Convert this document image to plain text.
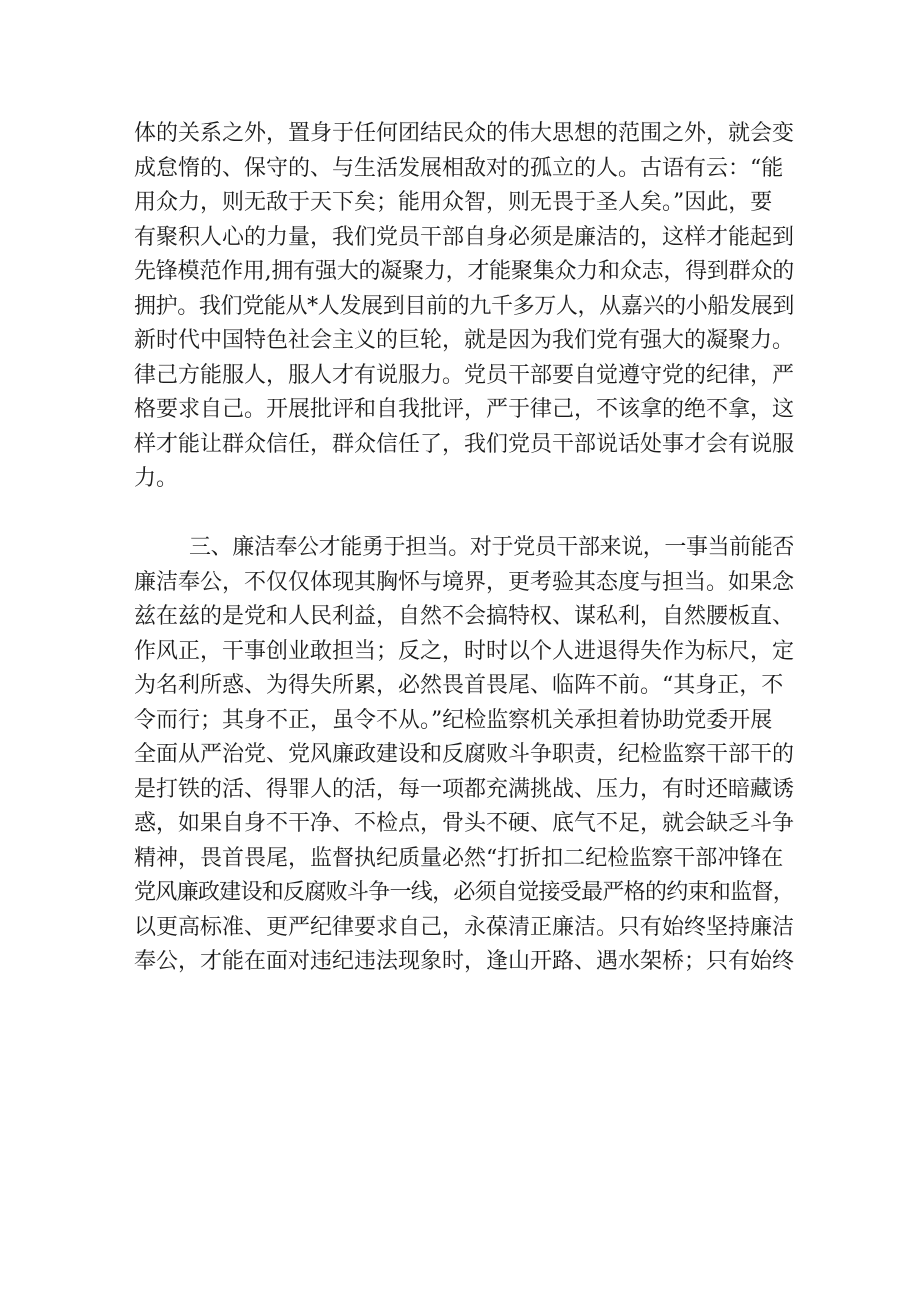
体的关系之外，置身于任何团结民众的伟大思想的范围之外，就会变
成怠惰的、保守的、与生活发展相敌对的孤立的人。古语有云：“能
用众力，则无敌于天下矣；能用众智，则无畏于圣人矣。”因此，要
有聚积人心的力量，我们党员干部自身必须是廉洁的，这样才能起到
先锋模范作用,拥有强大的凝聚力，才能聚集众力和众志，得到群众的
拥护。我们党能从*人发展到目前的九千多万人，从嘉兴的小船发展到
新时代中国特色社会主义的巨轮，就是因为我们党有强大的凝聚力。
律己方能服人，服人才有说服力。党员干部要自觉遵守党的纪律，严
格要求自己。开展批评和自我批评，严于律己，不该拿的绝不拿，这
样才能让群众信任，群众信任了，我们党员干部说话处事才会有说服
力。
三、廉洁奉公才能勇于担当。对于党员干部来说，一事当前能否
廉洁奉公，不仅仅体现其胸怀与境界，更考验其态度与担当。如果念
兹在兹的是党和人民利益，自然不会搞特权、谋私利，自然腰板直、
作风正，干事创业敢担当；反之，时时以个人进退得失作为标尺，定
为名利所惑、为得失所累，必然畏首畏尾、临阵不前。“其身正，不
令而行；其身不正，虽令不从。”纪检监察机关承担着协助党委开展
全面从严治党、党风廉政建设和反腐败斗争职责，纪检监察干部干的
是打铁的活、得罪人的活，每一项都充满挑战、压力，有时还暗藏诱
惑，如果自身不干净、不检点，骨头不硬、底气不足，就会缺乏斗争
精神，畏首畏尾，监督执纪质量必然“打折扣二纪检监察干部冲锋在
党风廉政建设和反腐败斗争一线，必须自觉接受最严格的约束和监督，
以更高标准、更严纪律要求自己，永葆清正廉洁。只有始终坚持廉洁
奉公，才能在面对违纪违法现象时，逢山开路、遇水架桥；只有始终
